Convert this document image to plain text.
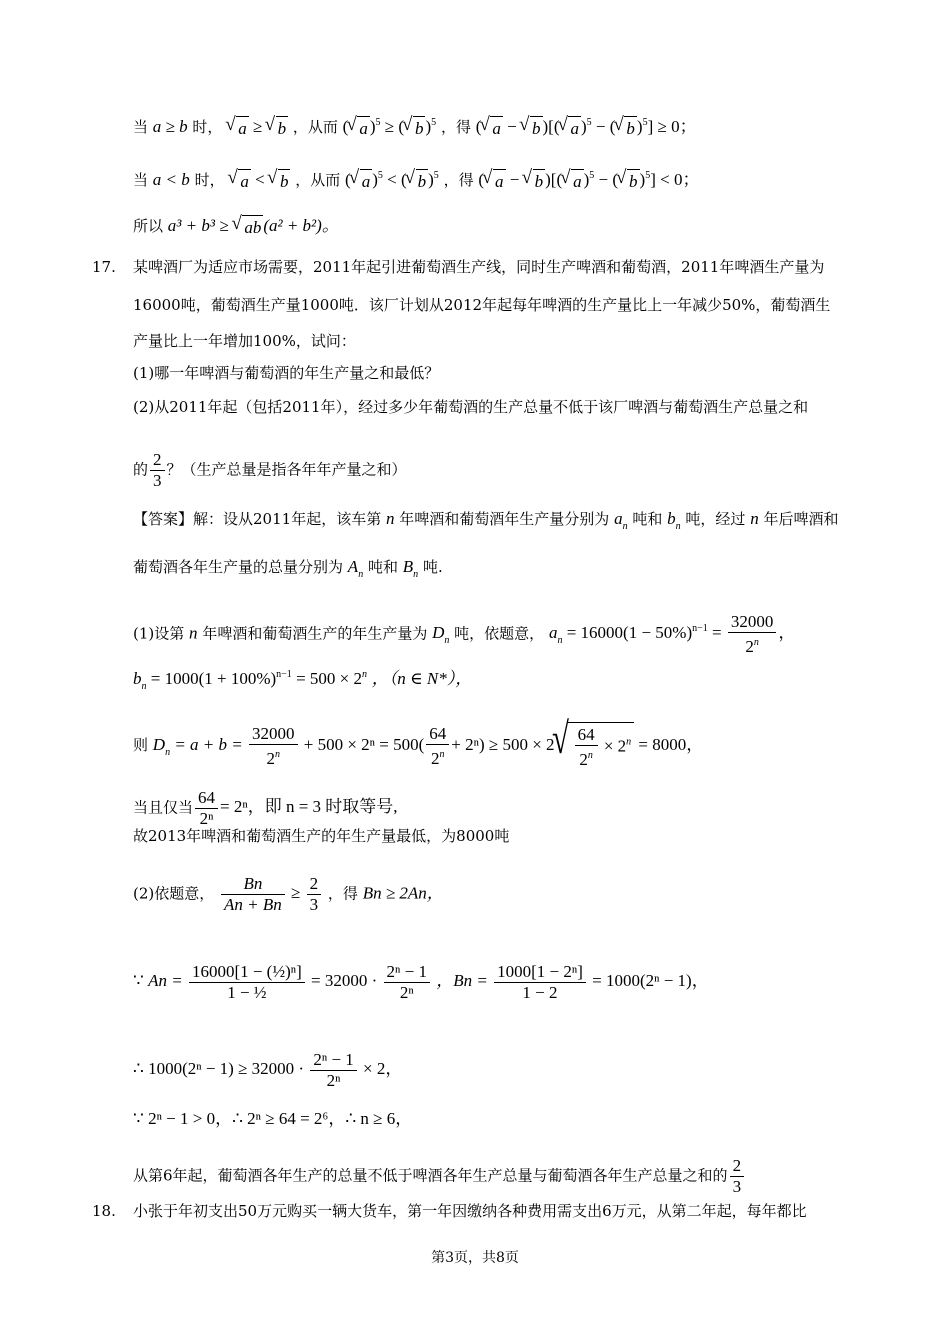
当 a ≥ b 时， √ a ≥ √ b ，从而 ( √ a )$^5$ ≥ ( √ b )$^5$ ，得 ( √ a − √ b )[( √ a )$^5$ − ( √ b )$^5$] ≥ 0；
当 a < b 时， √ a < √ b ，从而 ( √ a )$^5$ < ( √ b )$^5$ ，得 ( √ a − √ b )[( √ a )$^5$ − ( √ b )$^5$] < 0；
所以 a³ + b³ ≥ √ ab (a² + b²)。
17. 某啤酒厂为适应市场需要，2011年起引进葡萄酒生产线，同时生产啤酒和葡萄酒，2011年啤酒生产量为
16000吨，葡萄酒生产量1000吨．该厂计划从2012年起每年啤酒的生产量比上一年减少50%，葡萄酒生
产量比上一年增加100%，试问：
(1)哪一年啤酒与葡萄酒的年生产量之和最低？
(2)从2011年起（包括2011年），经过多少年葡萄酒的生产总量不低于该厂啤酒与葡萄酒生产总量之和
的 $\frac{2}{3}$ ？（生产总量是指各年年产量之和）
【答案】解：设从2011年起，该车第 n 年啤酒和葡萄酒年生产量分别为 $a_n$ 吨和 $b_n$ 吨，经过 n 年后啤酒和
葡萄酒各年生产量的总量分别为 $A_n$ 吨和 $B_n$ 吨.
(1)设第 n 年啤酒和葡萄酒生产的年生产量为 $D_n$ 吨，依题意， $a_n = 16000(1 - 50\%)^{n-1} = \frac{32000}{2^n}$ ，
$b_n = 1000(1 + 100\%)^{n-1} = 500 \times 2^n$ ，（n ∈ N*），
则 $D_n = a + b = \frac{32000}{2^n} + 500 \times 2^n = 500( \frac{64}{2^n} + 2^n) \ge 500 \times 2$ √ $\frac{64}{2^n} \times 2^n = 8000$，
当且仅当 $\frac{64}{\text{2ⁿ}} = 2^n$，即 n = 3 时取等号,
故2013年啤酒和葡萄酒生产的年生产量最低，为8000吨
(2)依题意， $\frac{Bn}{An + Bn} \ge \frac{2}{3}$ ，得 Bn ≥ 2An，
∵ $An = \frac{\text{16000[1 − (½)ⁿ]}}{\text{1 − ½}} = 32000 \cdot \frac{\text{2ⁿ − 1}}{\text{2ⁿ}}$ ，$Bn = \frac{\text{1000[1 − 2ⁿ]}}{1 - 2} = 1000(2^n - 1)$，
∴ $1000(2^n - 1) \ge 32000 \cdot \frac{\text{2ⁿ − 1}}{\text{2ⁿ}} \times 2$，
∵ 2ⁿ − 1 > 0，∴ 2ⁿ ≥ 64 = 2⁶，∴ n ≥ 6，
从第6年起，葡萄酒各年生产的总量不低于啤酒各年生产总量与葡萄酒各年生产总量之和的 $\frac{2}{3}$
18. 小张于年初支出50万元购买一辆大货车，第一年因缴纳各种费用需支出6万元，从第二年起，每年都比
第3页，共8页
